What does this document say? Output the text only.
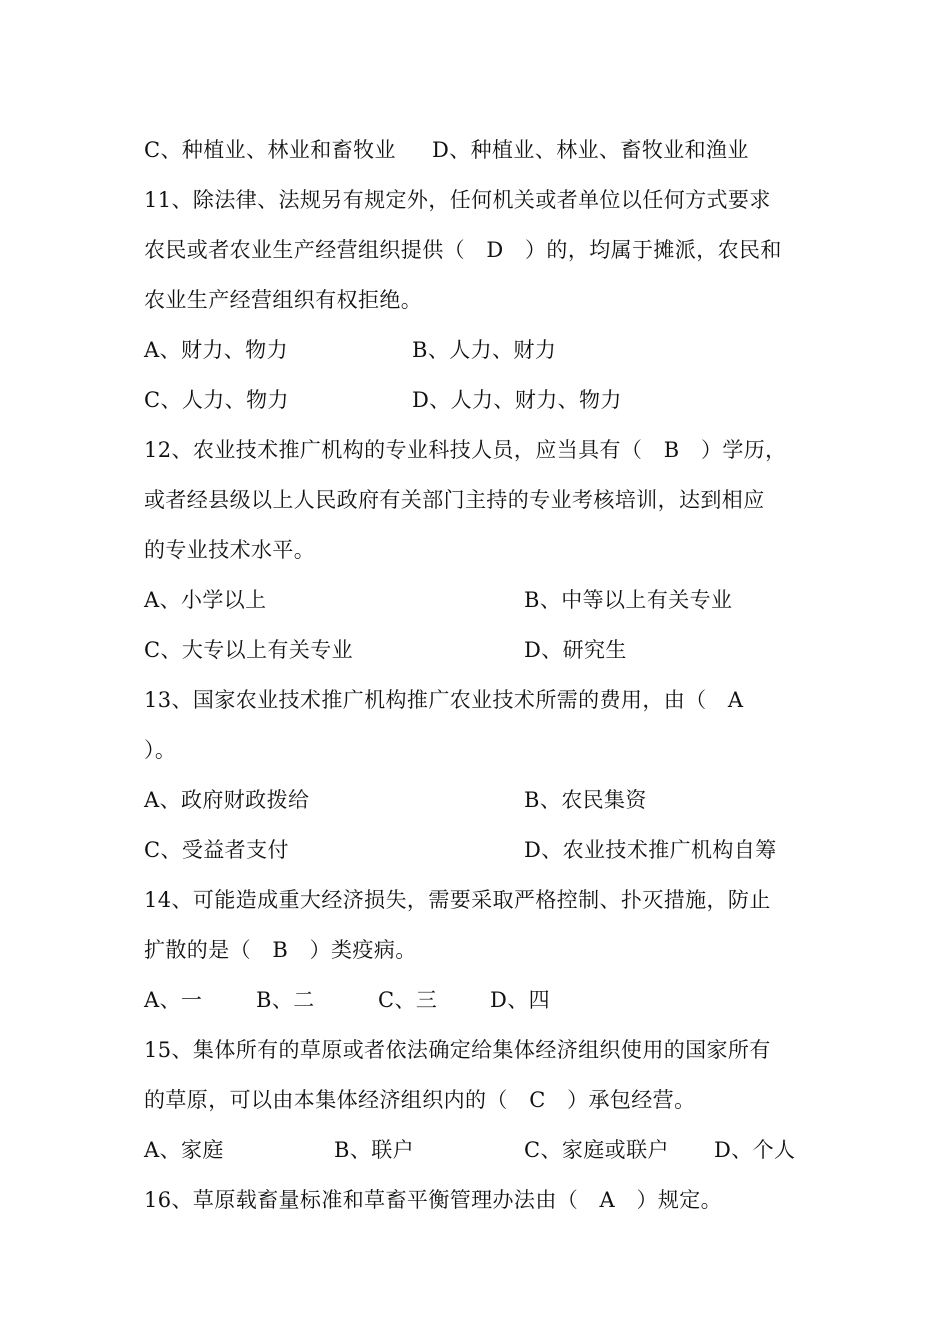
C、种植业、林业和畜牧业 D、种植业、林业、畜牧业和渔业
11、除法律、法规另有规定外，任何机关或者单位以任何方式要求
农民或者农业生产经营组织提供（　D　）的，均属于摊派，农民和
农业生产经营组织有权拒绝。
A、财力、物力	B、人力、财力
C、人力、物力	D、人力、财力、物力
12、农业技术推广机构的专业科技人员，应当具有（　B　）学历，
或者经县级以上人民政府有关部门主持的专业考核培训，达到相应
的专业技术水平。
A、小学以上	B、中等以上有关专业
C、大专以上有关专业	D、研究生
13、国家农业技术推广机构推广农业技术所需的费用，由（　A
）。
A、政府财政拨给	B、农民集资
C、受益者支付	D、农业技术推广机构自筹
14、可能造成重大经济损失，需要采取严格控制、扑灭措施，防止
扩散的是（　B　）类疫病。
A、一	B、二	C、三	D、四
15、集体所有的草原或者依法确定给集体经济组织使用的国家所有
的草原，可以由本集体经济组织内的（　C　）承包经营。
A、家庭	B、联户	C、家庭或联户 D、个人
16、草原载畜量标准和草畜平衡管理办法由（　A　）规定。
